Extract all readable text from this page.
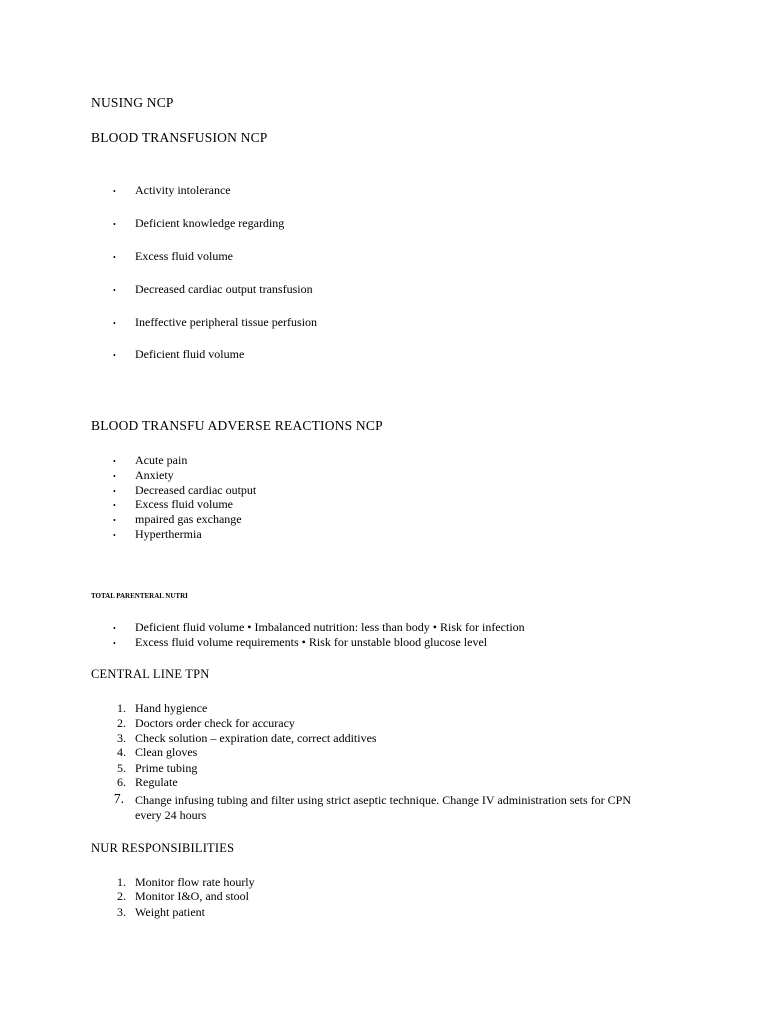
NUSING NCP
BLOOD TRANSFUSION NCP
• Activity intolerance
• Deficient knowledge regarding
• Excess fluid volume
• Decreased cardiac output transfusion
• Ineffective peripheral tissue perfusion
• Deficient fluid volume
BLOOD TRANSFU ADVERSE REACTIONS NCP
• Acute pain
• Anxiety
• Decreased cardiac output
• Excess fluid volume
• mpaired gas exchange
• Hyperthermia
TOTAL PARENTERAL NUTRI
• Deficient fluid volume • Imbalanced nutrition: less than body • Risk for infection
• Excess fluid volume requirements • Risk for unstable blood glucose level
CENTRAL LINE TPN
1. Hand hygience
2. Doctors order check for accuracy
3. Check solution – expiration date, correct additives
4. Clean gloves
5. Prime tubing
6. Regulate
7. Change infusing tubing and filter using strict aseptic technique. Change IV administration sets for CPN
every 24 hours
NUR RESPONSIBILITIES
1. Monitor flow rate hourly
2. Monitor I&O, and stool
3. Weight patient
